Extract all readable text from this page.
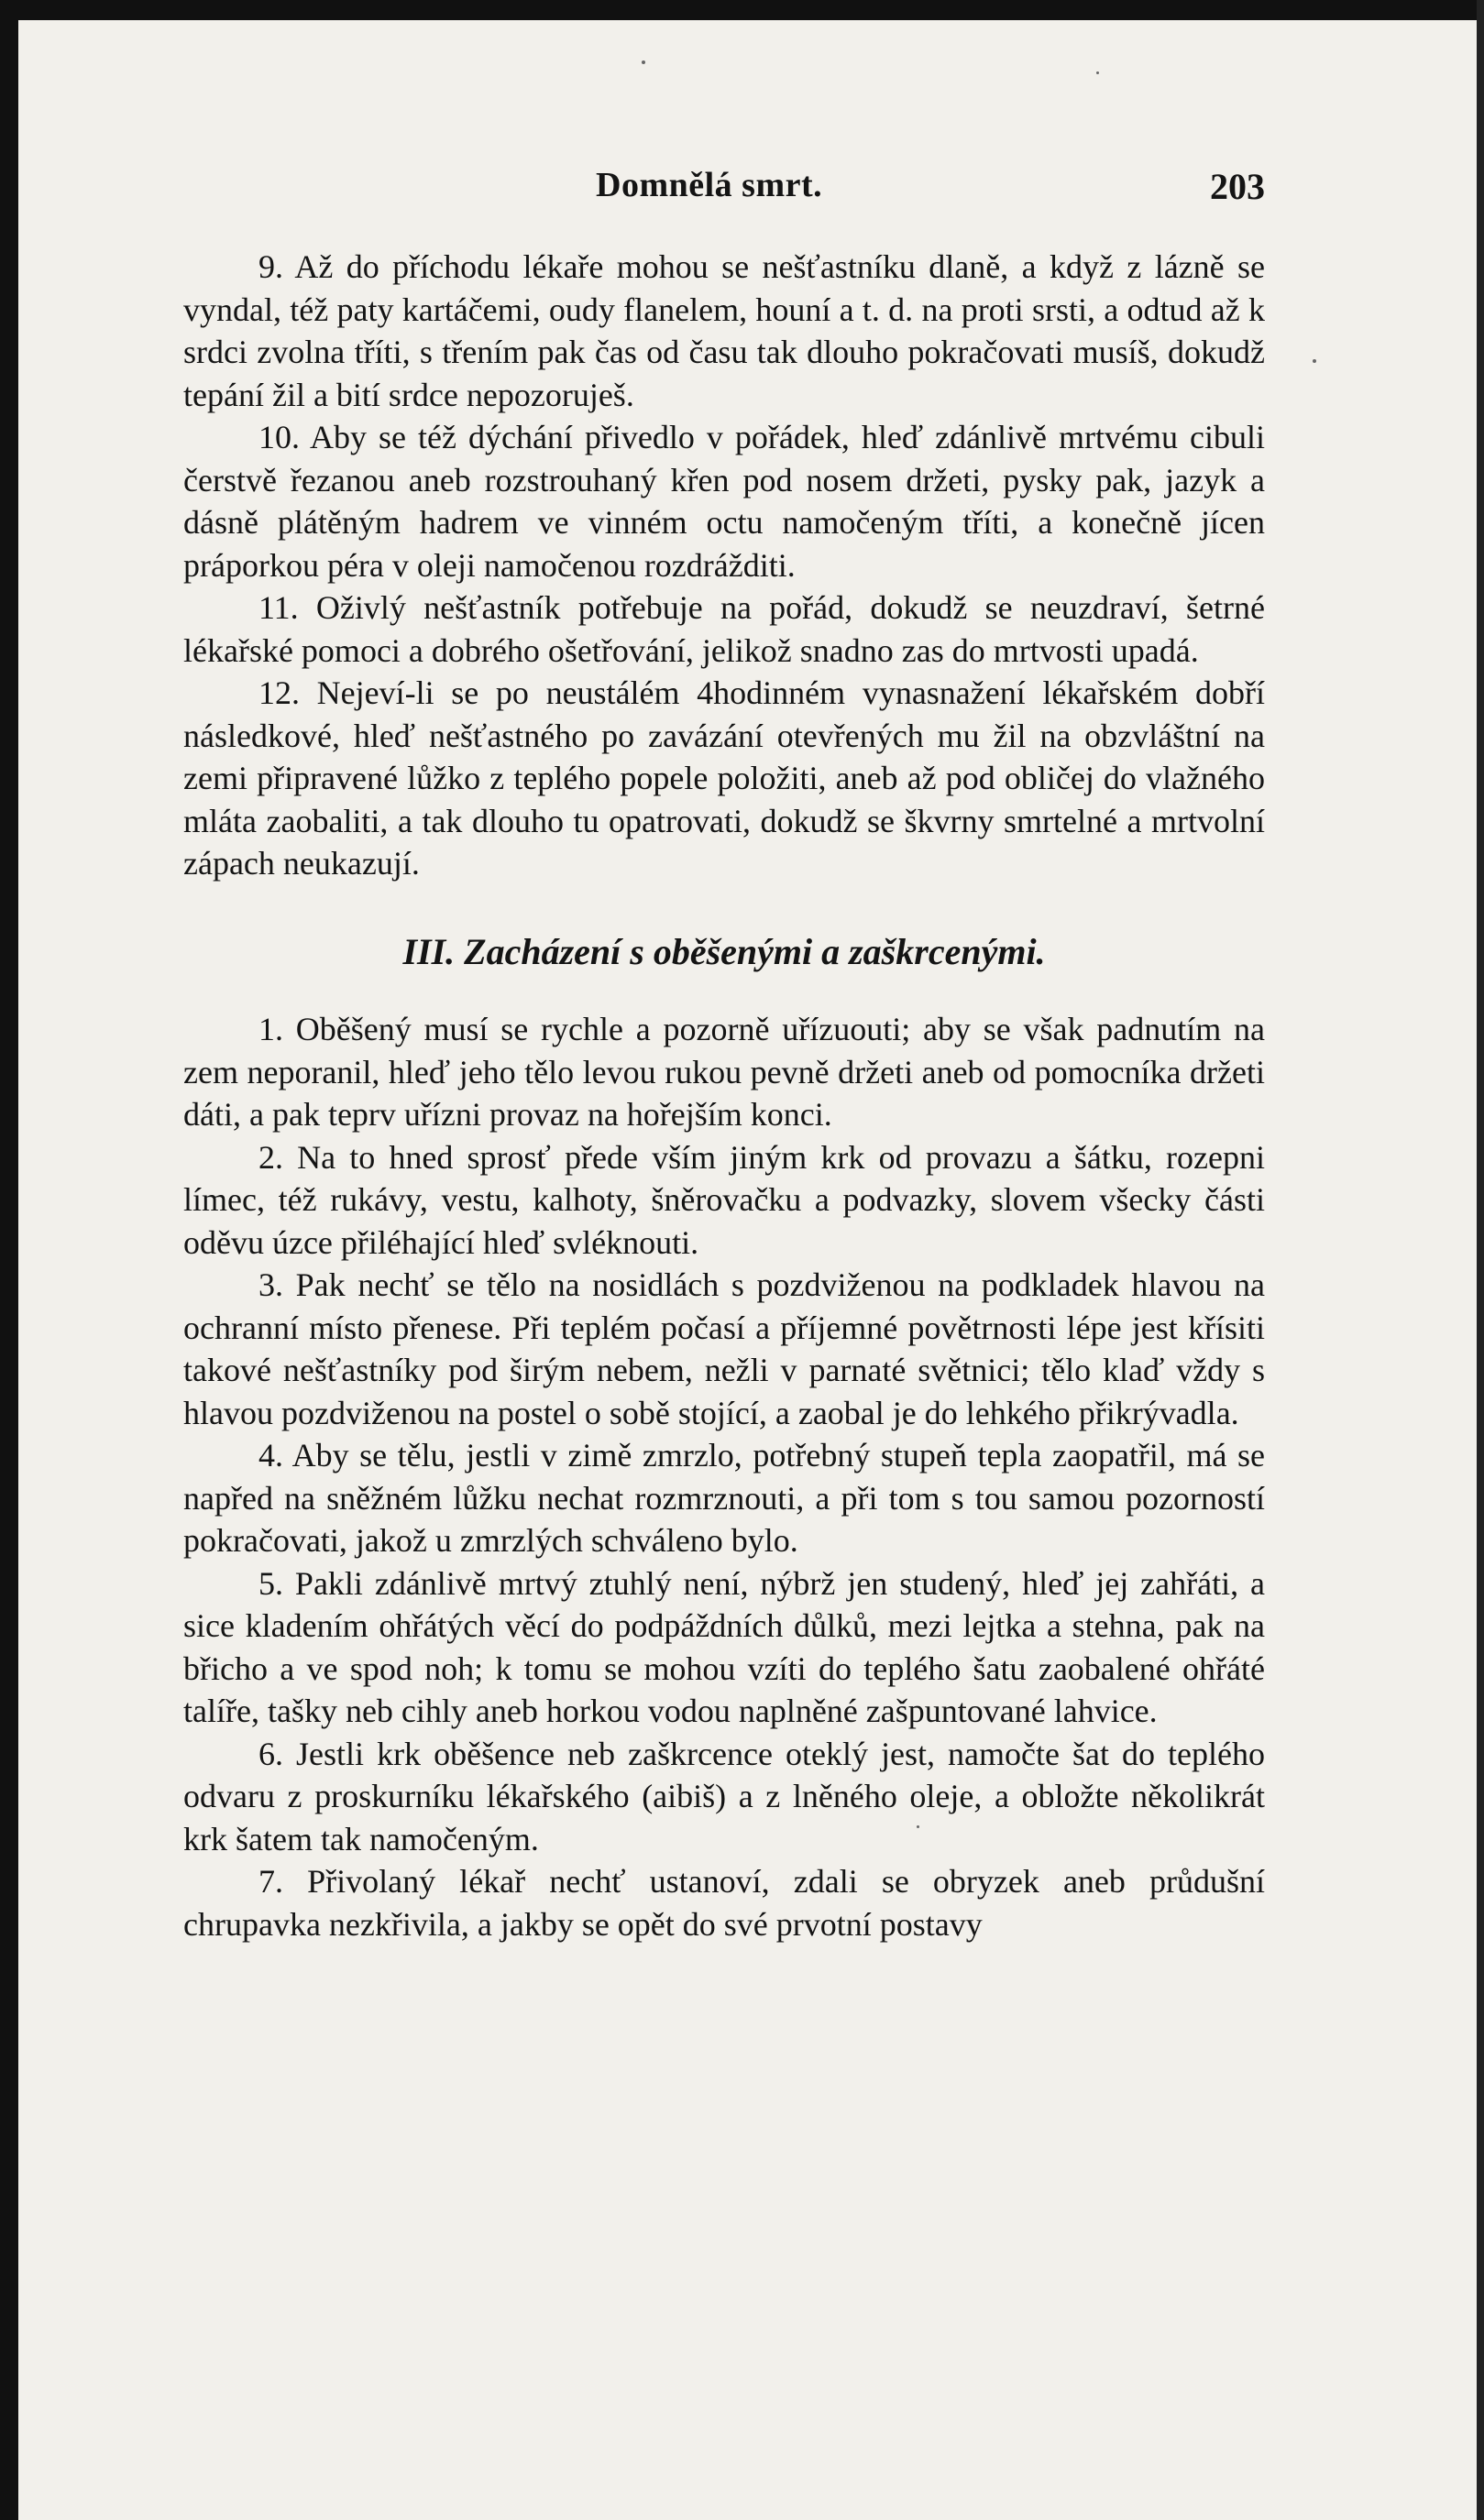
Domnělá smrt.	203

9. Až do příchodu lékaře mohou se nešťastníku dlaně, a když z lázně se vyndal, též paty kartáčemi, oudy flanelem, houní a t. d. na proti srsti, a odtud až k srdci zvolna tříti, s třením pak čas od času tak dlouho pokračovati musíš, dokudž tepání žil a bití srdce nepozoruješ.

10. Aby se též dýchání přivedlo v pořádek, hleď zdánlivě mrtvému cibuli čerstvě řezanou aneb rozstrouhaný křen pod nosem držeti, pysky pak, jazyk a dásně plátěným hadrem ve vinném octu namočeným tříti, a konečně jícen práporkou péra v oleji namočenou rozdrážditi.

11. Oživlý nešťastník potřebuje na pořád, dokudž se neuzdraví, šetrné lékařské pomoci a dobrého ošetřování, jelikož snadno zas do mrtvosti upadá.

12. Nejeví-li se po neustálém 4hodinném vynasnažení lékařském dobří následkové, hleď nešťastného po zavázání otevřených mu žil na obzvláštní na zemi připravené lůžko z teplého popele položiti, aneb až pod obličej do vlažného mláta zaobaliti, a tak dlouho tu opatrovati, dokudž se škvrny smrtelné a mrtvolní zápach neukazují.

III. Zacházení s oběšenými a zaškrcenými.

1. Oběšený musí se rychle a pozorně uřízuouti; aby se však padnutím na zem neporanil, hleď jeho tělo levou rukou pevně držeti aneb od pomocníka držeti dáti, a pak teprv uřízni provaz na hořejším konci.

2. Na to hned sprosť přede vším jiným krk od provazu a šátku, rozepni límec, též rukávy, vestu, kalhoty, šněrovačku a podvazky, slovem všecky části oděvu úzce přiléhající hleď svléknouti.

3. Pak nechť se tělo na nosidlách s pozdviženou na podkladek hlavou na ochranní místo přenese. Při teplém počasí a příjemné povětrnosti lépe jest křísiti takové nešťastníky pod širým nebem, nežli v parnaté světnici; tělo klaď vždy s hlavou pozdviženou na postel o sobě stojící, a zaobal je do lehkého přikrývadla.

4. Aby se tělu, jestli v zimě zmrzlo, potřebný stupeň tepla zaopatřil, má se napřed na sněžném lůžku nechat rozmrznouti, a při tom s tou samou pozorností pokračovati, jakož u zmrzlých schváleno bylo.

5. Pakli zdánlivě mrtvý ztuhlý není, nýbrž jen studený, hleď jej zahřáti, a sice kladením ohřátých věcí do podpáždních důlků, mezi lejtka a stehna, pak na břicho a ve spod noh; k tomu se mohou vzíti do teplého šatu zaobalené ohřáté talíře, tašky neb cihly aneb horkou vodou naplněné zašpuntované lahvice.

6. Jestli krk oběšence neb zaškrcence oteklý jest, namočte šat do teplého odvaru z proskurníku lékařského (aibiš) a z lněného oleje, a obložte několikrát krk šatem tak namočeným.

7. Přivolaný lékař nechť ustanoví, zdali se obryzek aneb průdušní chrupavka nezkřivila, a jakby se opět do své prvotní postavy
